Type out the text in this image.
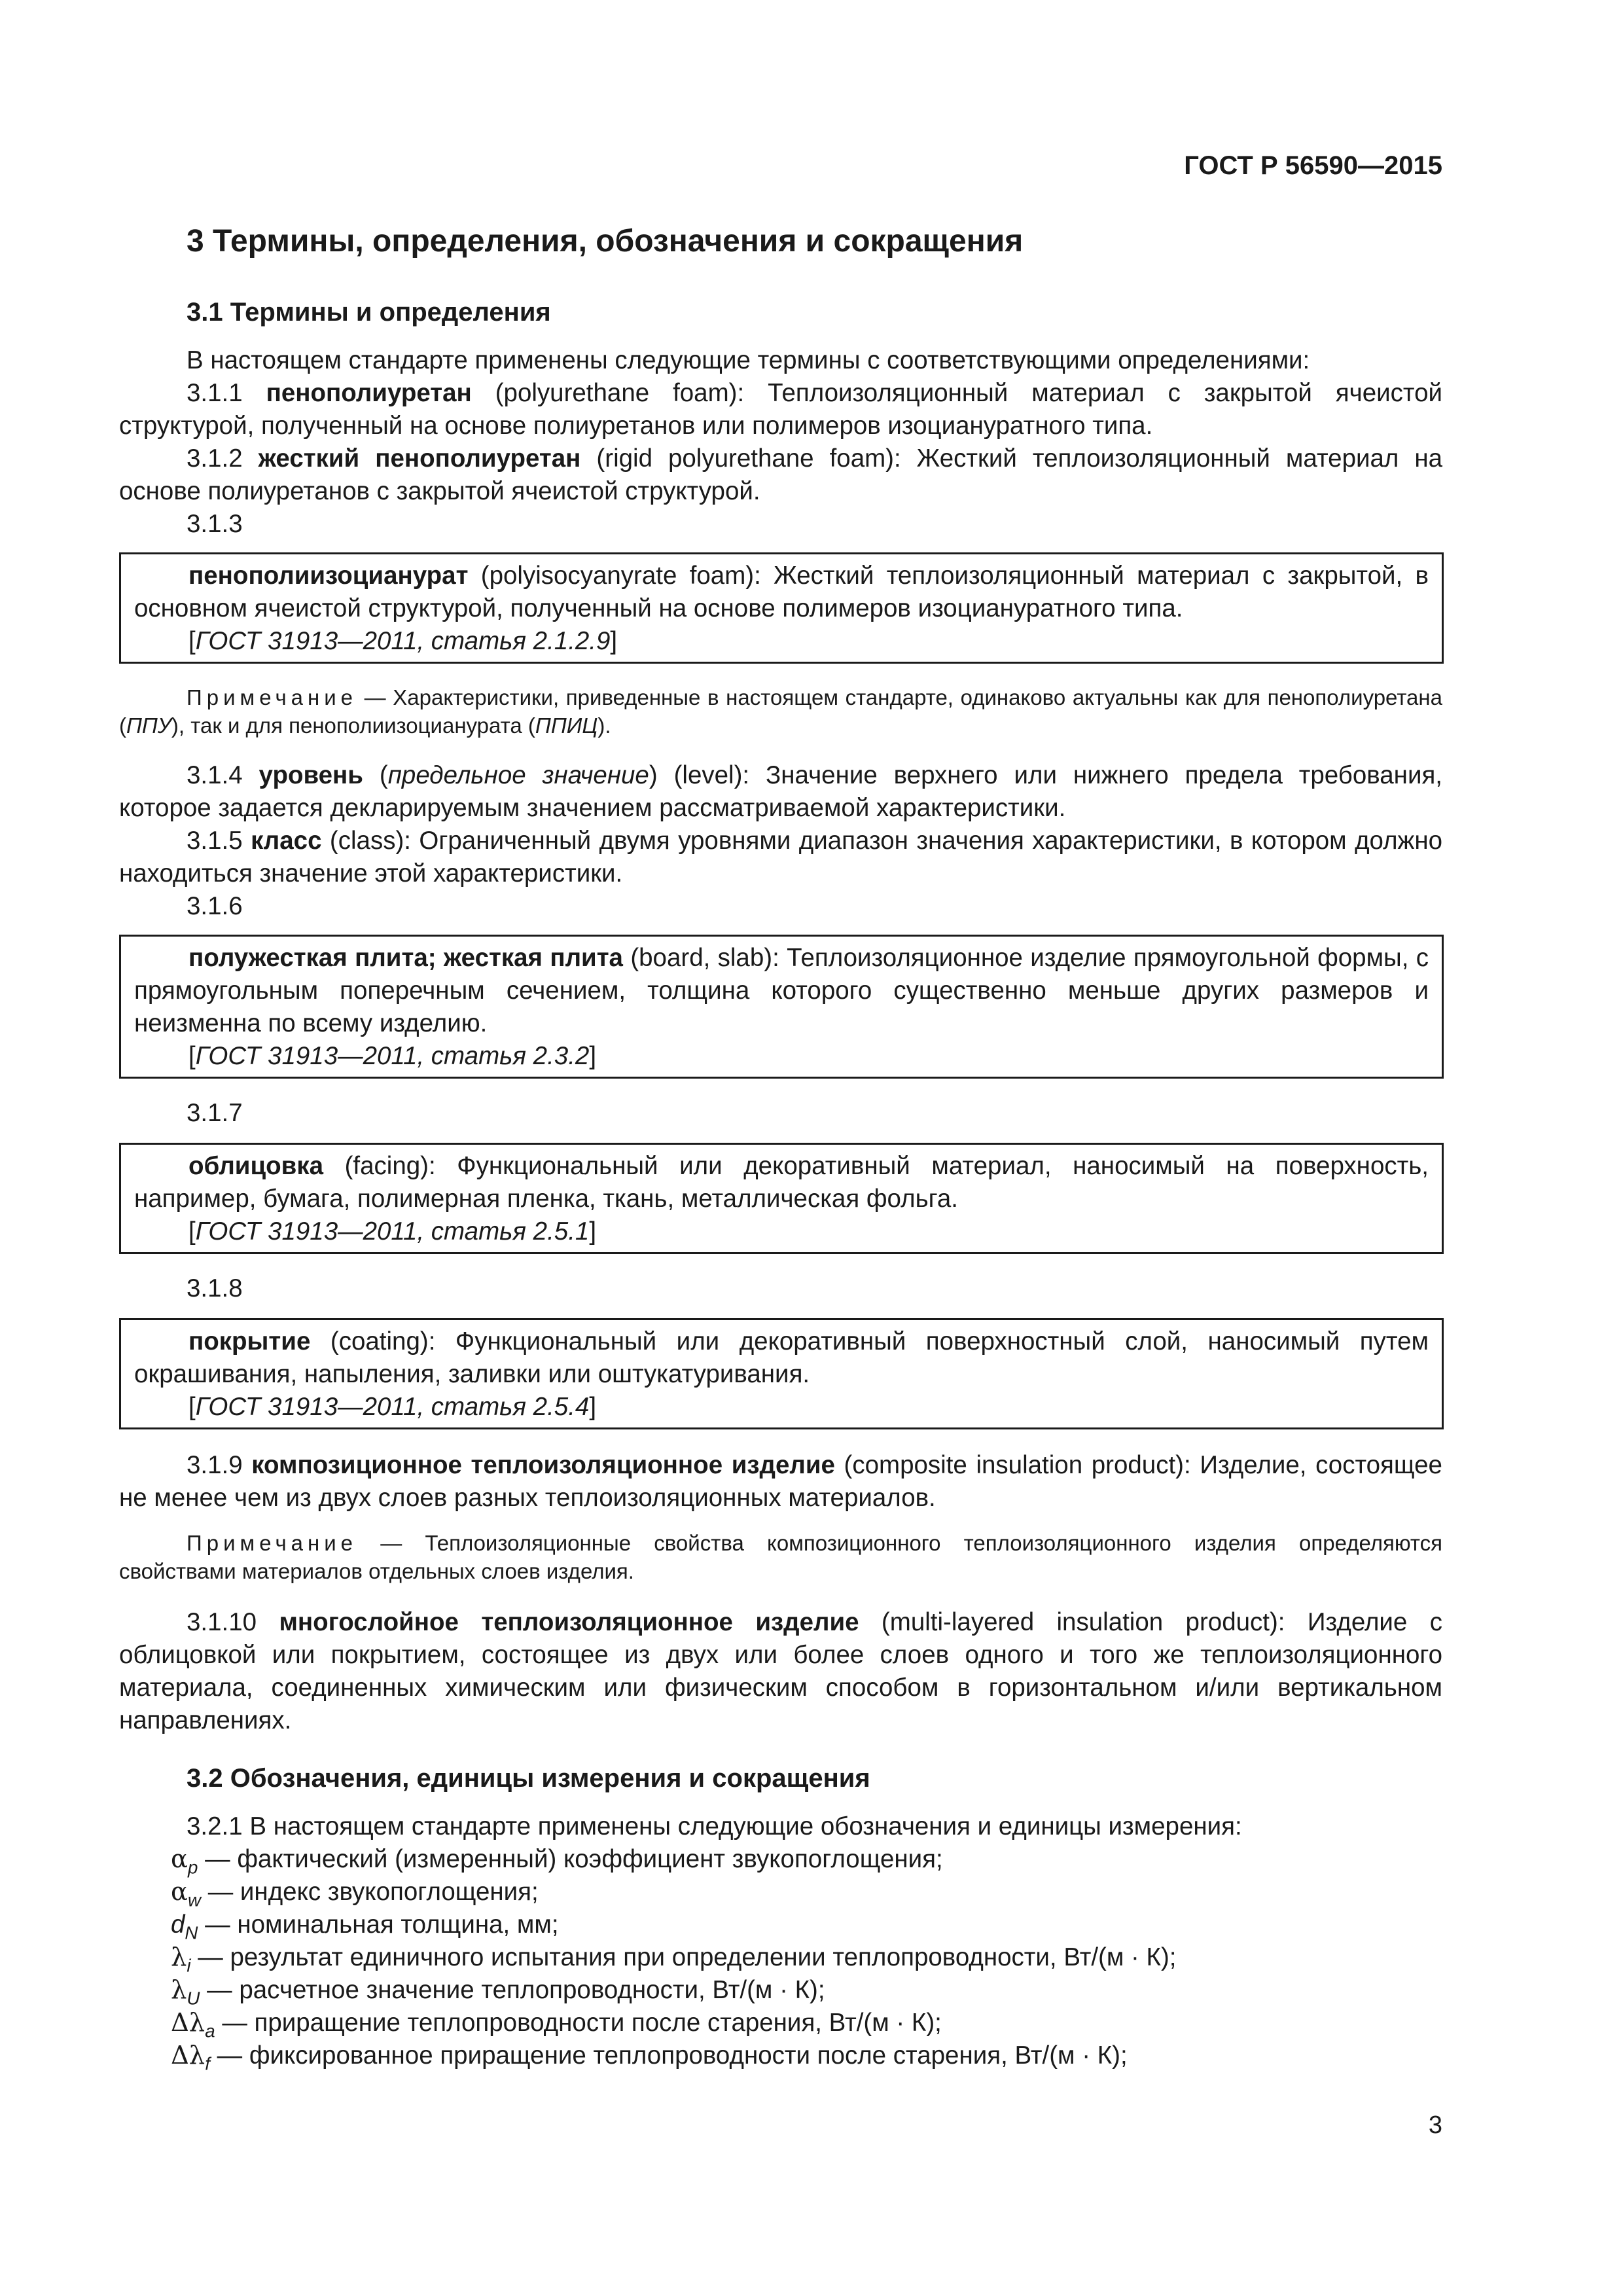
ГОСТ Р 56590—2015
3 Термины, определения, обозначения и сокращения
3.1 Термины и определения

В настоящем стандарте применены следующие термины с соответствующими определениями:

3.1.1 пенополиуретан (polyurethane foam): Теплоизоляционный материал с закрытой ячеистой структурой, полученный на основе полиуретанов или полимеров изоциануратного типа.

3.1.2 жесткий пенополиуретан (rigid polyurethane foam): Жесткий теплоизоляционный материал на основе полиуретанов с закрытой ячеистой структурой.

3.1.3

пенополиизоцианурат (polyisocyanyrate foam): Жесткий теплоизоляционный материал с закрытой, в основном ячеистой структурой, полученный на основе полимеров изоциануратного типа.

[ГОСТ 31913—2011, статья 2.1.2.9]

Примечание — Характеристики, приведенные в настоящем стандарте, одинаково актуальны как для пенополиуретана (ППУ), так и для пенополиизоцианурата (ППИЦ).

3.1.4 уровень (предельное значение) (level): Значение верхнего или нижнего предела требования, которое задается декларируемым значением рассматриваемой характеристики.

3.1.5 класс (class): Ограниченный двумя уровнями диапазон значения характеристики, в котором должно находиться значение этой характеристики.

3.1.6

полужесткая плита; жесткая плита (board, slab): Теплоизоляционное изделие прямоугольной формы, с прямоугольным поперечным сечением, толщина которого существенно меньше других размеров и неизменна по всему изделию.

[ГОСТ 31913—2011, статья 2.3.2]

3.1.7

облицовка (facing): Функциональный или декоративный материал, наносимый на поверхность, например, бумага, полимерная пленка, ткань, металлическая фольга.

[ГОСТ 31913—2011, статья 2.5.1]

3.1.8

покрытие (coating): Функциональный или декоративный поверхностный слой, наносимый путем окрашивания, напыления, заливки или оштукатуривания.

[ГОСТ 31913—2011, статья 2.5.4]

3.1.9 композиционное теплоизоляционное изделие (composite insulation product): Изделие, состоящее не менее чем из двух слоев разных теплоизоляционных материалов.

Примечание — Теплоизоляционные свойства композиционного теплоизоляционного изделия определяются свойствами материалов отдельных слоев изделия.

3.1.10 многослойное теплоизоляционное изделие (multi-layered insulation product): Изделие с облицовкой или покрытием, состоящее из двух или более слоев одного и того же теплоизоляционного материала, соединенных химическим или физическим способом в горизонтальном и/или вертикальном направлениях.

3.2 Обозначения, единицы измерения и сокращения

3.2.1 В настоящем стандарте применены следующие обозначения и единицы измерения:

$\alpha_p$ — фактический (измеренный) коэффициент звукопоглощения;

$\alpha_w$ — индекс звукопоглощения;

$d_N$ — номинальная толщина, мм;

$\lambda_i$ — результат единичного испытания при определении теплопроводности, Вт/(м · К);

$\lambda_U$ — расчетное значение теплопроводности, Вт/(м · К);

$\Delta\lambda_a$ — приращение теплопроводности после старения, Вт/(м · К);

$\Delta\lambda_f$ — фиксированное приращение теплопроводности после старения, Вт/(м · К);

3
